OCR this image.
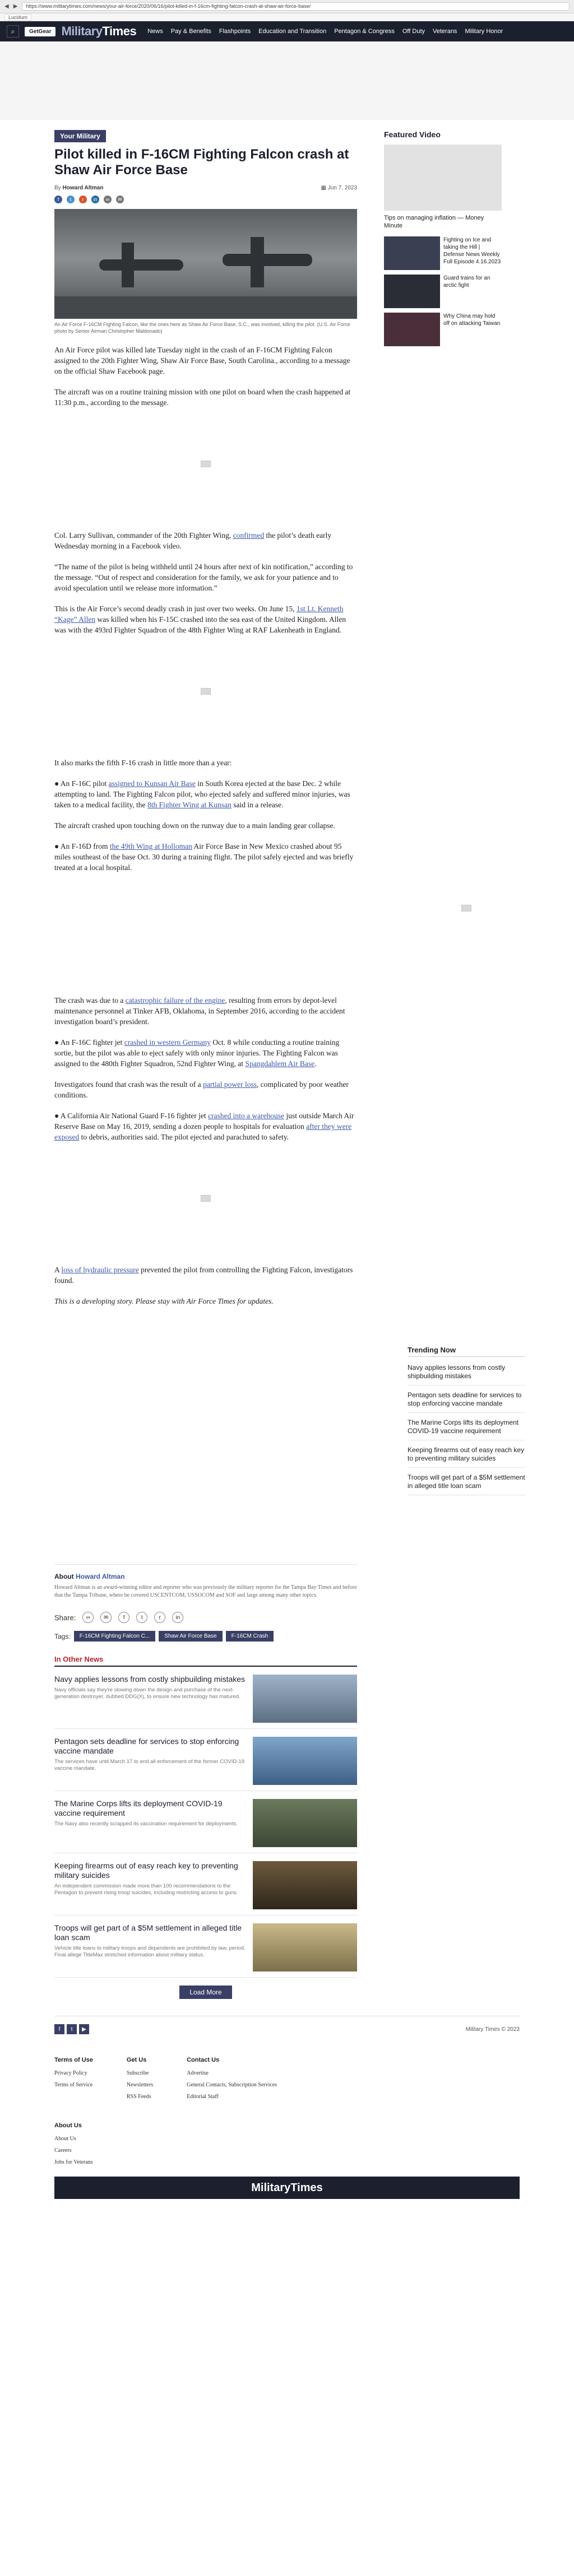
◀ ▶	https://www.militarytimes.com/news/your-air-force/2020/06/16/pilot-killed-in-f-16cm-fighting-falcon-crash-at-shaw-air-force-base/
Lucidum
⌕	GetGear MilitaryTimes News Pay & Benefits Flashpoints Education and Transition Pentagon & Congress Off Duty Veterans Military Honor
Your Military
Pilot killed in F-16CM Fighting Falcon crash at Shaw Air Force Base
By Howard Altman	▦ Jun 7, 2023
f	t	r	in	∞	✉
An Air Force F-16CM Fighting Falcon, like the ones here as Shaw Air Force Base, S.C., was involved, killing the pilot. (U.S. Air Force photo by Senior Airman Christopher Maldonado)

An Air Force pilot was killed late Tuesday night in the crash of an F-16CM Fighting Falcon assigned to the 20th Fighter Wing, Shaw Air Force Base, South Carolina., according to a message on the official Shaw Facebook page.

The aircraft was on a routine training mission with one pilot on board when the crash happened at 11:30 p.m., according to the message.

Col. Larry Sullivan, commander of the 20th Fighter Wing, confirmed the pilot’s death early Wednesday morning in a Facebook video.

“The name of the pilot is being withheld until 24 hours after next of kin notification,” according to the message. “Out of respect and consideration for the family, we ask for your patience and to avoid speculation until we release more information.”

This is the Air Force’s second deadly crash in just over two weeks. On June 15, 1st Lt. Kenneth “Kage” Allen was killed when his F-15C crashed into the sea east of the United Kingdom. Allen was with the 493rd Fighter Squadron of the 48th Fighter Wing at RAF Lakenheath in England.

It also marks the fifth F-16 crash in little more than a year:

● An F-16C pilot assigned to Kunsan Air Base in South Korea ejected at the base Dec. 2 while attempting to land. The Fighting Falcon pilot, who ejected safely and suffered minor injuries, was taken to a medical facility, the 8th Fighter Wing at Kunsan said in a release.

The aircraft crashed upon touching down on the runway due to a main landing gear collapse.

● An F-16D from the 49th Wing at Holloman Air Force Base in New Mexico crashed about 95 miles southeast of the base Oct. 30 during a training flight. The pilot safely ejected and was briefly treated at a local hospital.

The crash was due to a catastrophic failure of the engine, resulting from errors by depot-level maintenance personnel at Tinker AFB, Oklahoma, in September 2016, according to the accident investigation board’s president.

● An F-16C fighter jet crashed in western Germany Oct. 8 while conducting a routine training sortie, but the pilot was able to eject safely with only minor injuries. The Fighting Falcon was assigned to the 480th Fighter Squadron, 52nd Fighter Wing, at Spangdahlem Air Base.

Investigators found that crash was the result of a partial power loss, complicated by poor weather conditions.

● A California Air National Guard F-16 fighter jet crashed into a warehouse just outside March Air Reserve Base on May 16, 2019, sending a dozen people to hospitals for evaluation after they were exposed to debris, authorities said. The pilot ejected and parachuted to safety.

A loss of hydraulic pressure prevented the pilot from controlling the Fighting Falcon, investigators found.

This is a developing story. Please stay with Air Force Times for updates.

About Howard Altman

Howard Altman is an award-winning editor and reporter who was previously the military reporter for the Tampa Bay Times and before that the Tampa Tribune, where he covered USCENTCOM, USSOCOM and SOF and large among many other topics.

Share:	∞	✉	f	t	r	in
Tags:	F-16CM Fighting Falcon C...	Shaw Air Force Base	F-16CM Crash
In Other News
Navy applies lessons from costly shipbuilding mistakes

Navy officials say they're slowing down the design and purchase of the next-generation destroyer, dubbed DDG(X), to ensure new technology has matured.

Pentagon sets deadline for services to stop enforcing vaccine mandate

The services have until March 17 to end all enforcement of the former COVID-19 vaccine mandate.

The Marine Corps lifts its deployment COVID-19 vaccine requirement

The Navy also recently scrapped its vaccination requirement for deployments.

Keeping firearms out of easy reach key to preventing military suicides

An independent commission made more than 100 recommendations to the Pentagon to prevent rising troop suicides, including restricting access to guns.

Troops will get part of a $5M settlement in alleged title loan scam

Vehicle title loans to military troops and dependents are prohibited by law, period. Final allege TitleMax stretched information about military status.

Load More
Featured Video
Tips on managing inflation — Money Minute
Fighting on Ice and taking the Hill | Defense News Weekly Full Episode 4.16.2023
Guard trains for an arctic fight
Why China may hold off on attacking Taiwan
Trending Now
Navy applies lessons from costly shipbuilding mistakes
Pentagon sets deadline for services to stop enforcing vaccine mandate
The Marine Corps lifts its deployment COVID-19 vaccine requirement
Keeping firearms out of easy reach key to preventing military suicides
Troops will get part of a $5M settlement in alleged title loan scam
f	t	▶	Military Times © 2023
Terms of Use
Privacy Policy
Terms of Service
Get Us
Subscribe
Newsletters
RSS Feeds
Contact Us
Advertise
General Contacts, Subscription Services
Editorial Staff
About Us
About Us
Careers
Jobs for Veterans
MilitaryTimes
